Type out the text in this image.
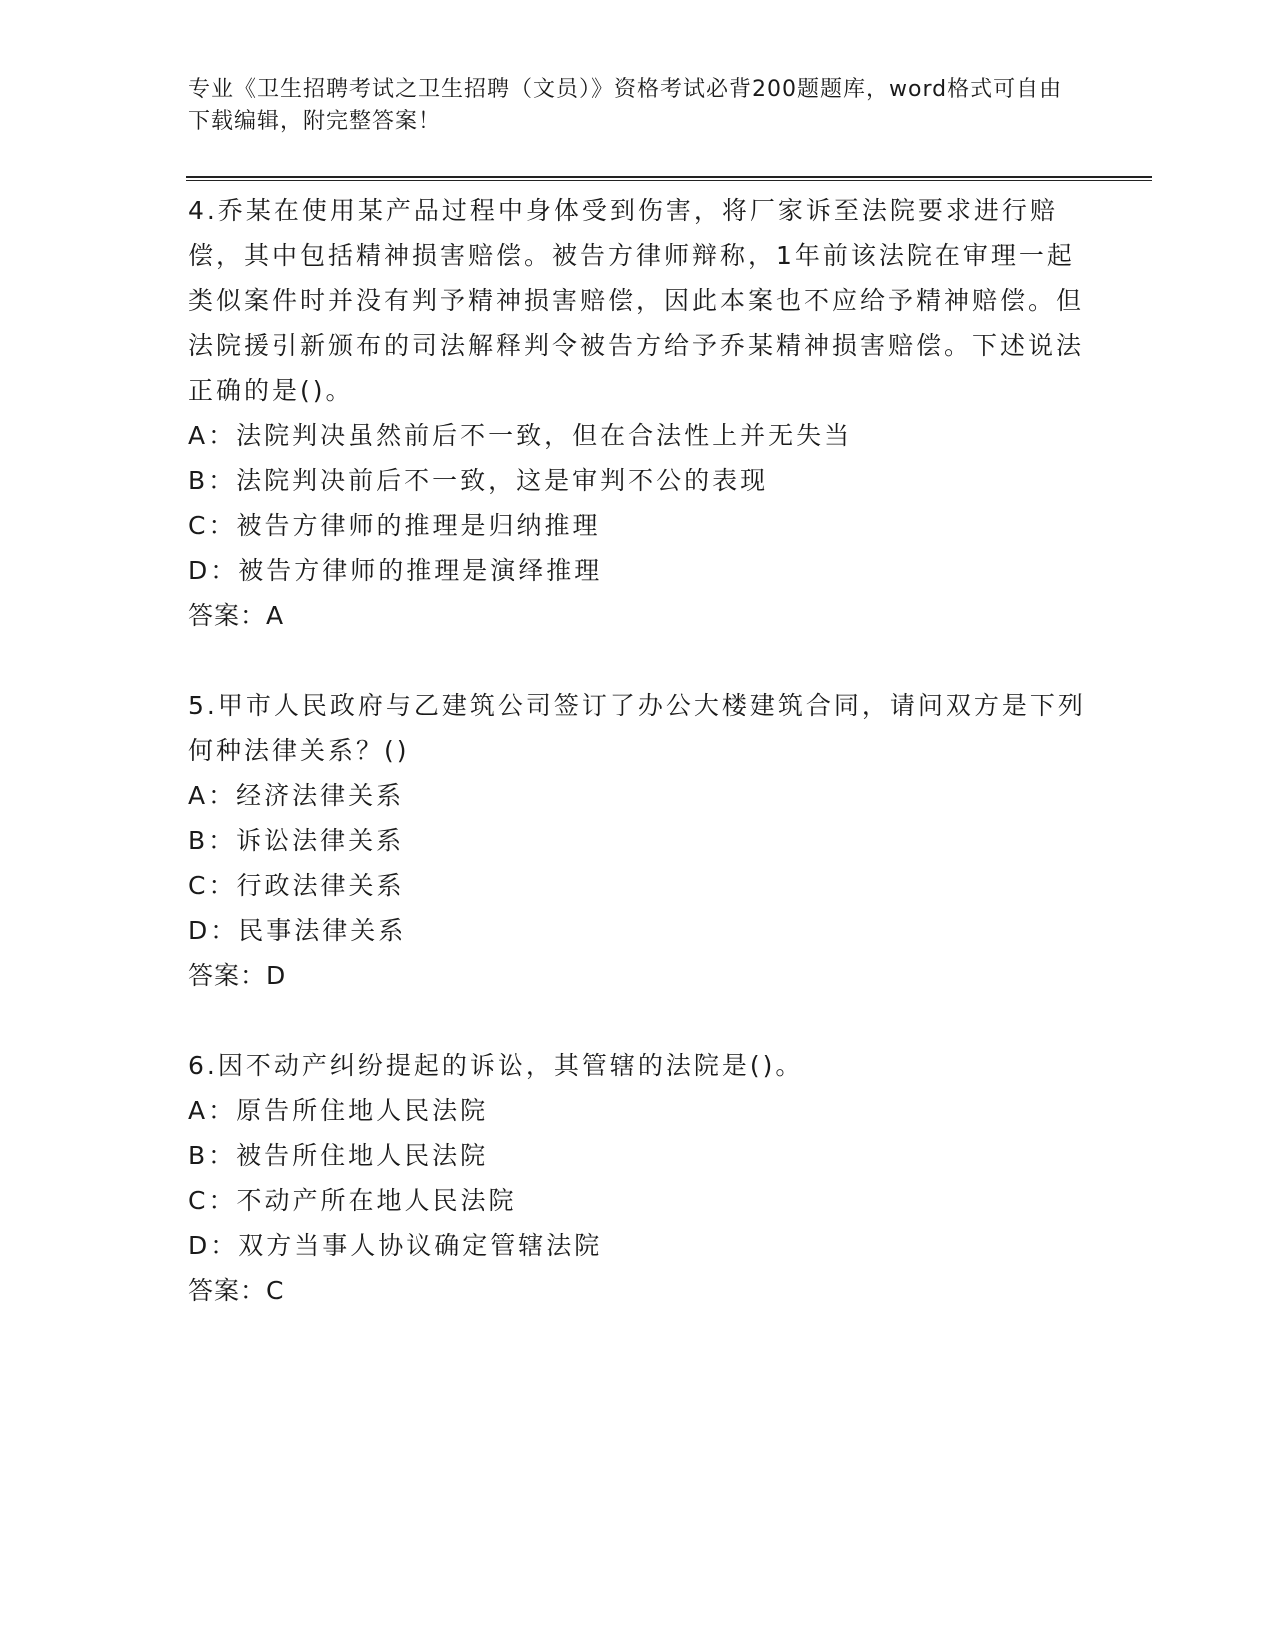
专业《卫生招聘考试之卫生招聘（文员）》资格考试必背200题题库，word格式可自由下载编辑，附完整答案！

4.乔某在使用某产品过程中身体受到伤害，将厂家诉至法院要求进行赔偿，其中包括精神损害赔偿。被告方律师辩称，1年前该法院在审理一起类似案件时并没有判予精神损害赔偿，因此本案也不应给予精神赔偿。但法院援引新颁布的司法解释判令被告方给予乔某精神损害赔偿。下述说法正确的是()。

A：法院判决虽然前后不一致，但在合法性上并无失当

B：法院判决前后不一致，这是审判不公的表现

C：被告方律师的推理是归纳推理

D：被告方律师的推理是演绎推理

答案：A

5.甲市人民政府与乙建筑公司签订了办公大楼建筑合同，请问双方是下列何种法律关系？()

A：经济法律关系

B：诉讼法律关系

C：行政法律关系

D：民事法律关系

答案：D

6.因不动产纠纷提起的诉讼，其管辖的法院是()。

A：原告所住地人民法院

B：被告所住地人民法院

C：不动产所在地人民法院

D：双方当事人协议确定管辖法院

答案：C
